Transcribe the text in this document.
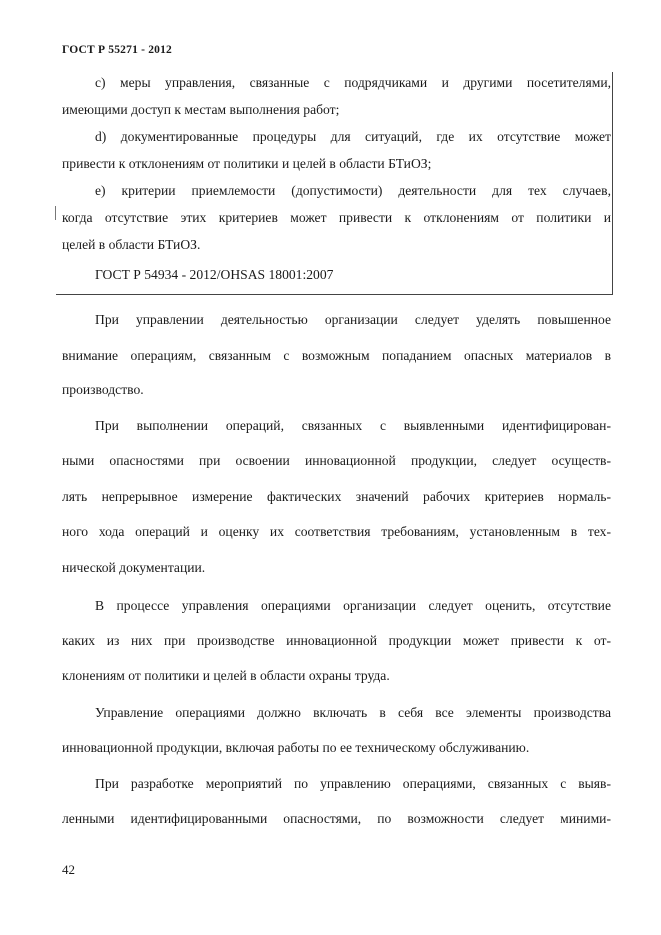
ГОСТ Р 55271 - 2012
с) меры управления, связанные с подрядчиками и другими посетителями,
имеющими доступ к местам выполнения работ;
d) документированные процедуры для ситуаций, где их отсутствие может
привести к отклонениям от политики и целей в области БТиОЗ;
е) критерии приемлемости (допустимости) деятельности для тех случаев,
когда отсутствие этих критериев может привести к отклонениям от политики и
целей в области БТиОЗ.
ГОСТ Р 54934 - 2012/OHSAS 18001:2007
При управлении деятельностью организации следует уделять повышенное
внимание операциям, связанным с возможным попаданием опасных материалов в
производство.
При выполнении операций, связанных с выявленными идентифицирован-
ными опасностями при освоении инновационной продукции, следует осуществ-
лять непрерывное измерение фактических значений рабочих критериев нормаль-
ного хода операций и оценку их соответствия требованиям, установленным в тех-
нической документации.
В процессе управления операциями организации следует оценить, отсутствие
каких из них при производстве инновационной продукции может привести к от-
клонениям от политики и целей в области охраны труда.
Управление операциями должно включать в себя все элементы производства
инновационной продукции, включая работы по ее техническому обслуживанию.
При разработке мероприятий по управлению операциями, связанных с выяв-
ленными идентифицированными опасностями, по возможности следует миними-
42
